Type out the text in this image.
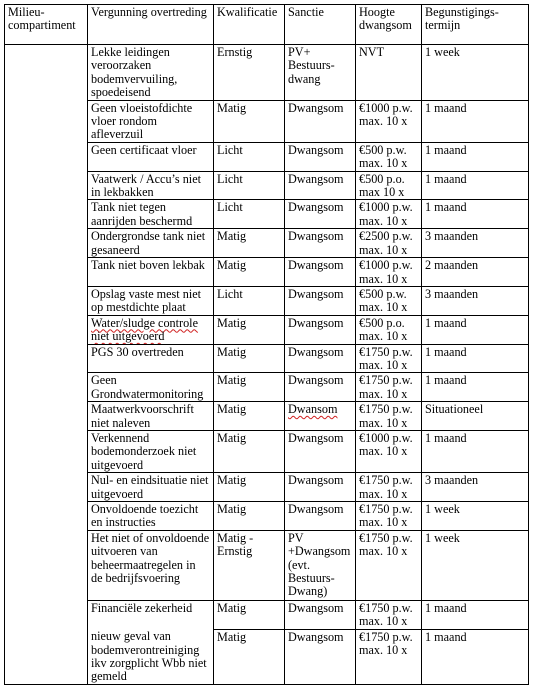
Milieu-compartiment	Vergunning overtreding	Kwalificatie	Sanctie	Hoogte dwangsom	Begunstigings-termijn
	Lekke leidingen veroorzaken bodemvervuiling, spoedeisend	Ernstig	PV+ Bestuurs-dwang	NVT	1 week
	Geen vloeistofdichte vloer rondom afleverzuil	Matig	Dwangsom	€1000 p.w. max. 10 x	1 maand
	Geen certificaat vloer	Licht	Dwangsom	€500 p.w. max. 10 x	1 maand
	Vaatwerk / Accu’s niet in lekbakken	Licht	Dwangsom	€500 p.o. max 10 x	1 maand
	Tank niet tegen aanrijden beschermd	Licht	Dwangsom	€1000 p.w. max. 10 x	1 maand
	Ondergrondse tank niet gesaneerd	Matig	Dwangsom	€2500 p.w. max. 10 x	3 maanden
	Tank niet boven lekbak	Matig	Dwangsom	€1000 p.w. max. 10 x	2 maanden
	Opslag vaste mest niet op mestdichte plaat	Licht	Dwangsom	€500 p.w. max. 10 x	3 maanden
	Water/sludge controle niet uitgevoerd	Matig	Dwangsom	€500 p.o. max. 10 x	1 maand
	PGS 30 overtreden	Matig	Dwangsom	€1750 p.w. max. 10 x	1 maand
	Geen Grondwatermonitoring	Matig	Dwangsom	€1750 p.w. max. 10 x	1 maand
	Maatwerkvoorschrift niet naleven	Matig	Dwansom	€1750 p.w. max. 10 x	Situationeel
	Verkennend bodemonderzoek niet uitgevoerd	Matig	Dwangsom	€1000 p.w. max. 10 x	1 maand
	Nul- en eindsituatie niet uitgevoerd	Matig	Dwangsom	€1750 p.w. max. 10 x	3 maanden
	Onvoldoende toezicht en instructies	Matig	Dwangsom	€1750 p.w. max. 10 x	1 week
	Het niet of onvoldoende uitvoeren van beheermaatregelen in de bedrijfsvoering	Matig - Ernstig	PV +Dwangsom (evt. Bestuurs-Dwang)	€1750 p.w. max. 10 x	1 week
	Financiële zekerheid	Matig	Dwangsom	€1750 p.w. max. 10 x	1 maand
	nieuw geval van bodemverontreiniging ikv zorgplicht Wbb niet gemeld	Matig	Dwangsom	€1750 p.w. max. 10 x	1 maand
